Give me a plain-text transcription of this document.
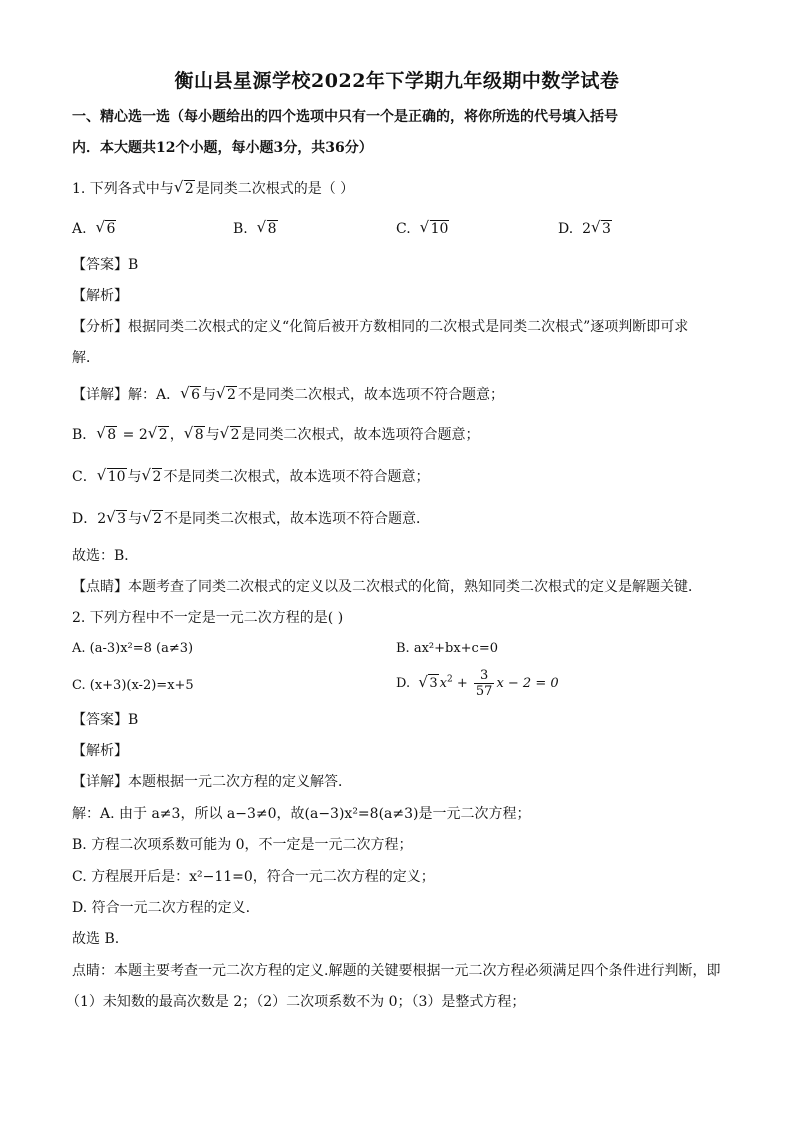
衡山县星源学校2022年下学期九年级期中数学试卷
一、精心选一选（每小题给出的四个选项中只有一个是正确的，将你所选的代号填入括号
内．本大题共12个小题，每小题3分，共36分）
1. 下列各式中与 √ 2 是同类二次根式的是（ ）
A. √ 6	B. √ 8	C. √ 10	D. 2 √ 3
【答案】B
【解析】
【分析】根据同类二次根式的定义“化简后被开方数相同的二次根式是同类二次根式”逐项判断即可求
解．
【详解】解：A． √ 6 与 √ 2 不是同类二次根式，故本选项不符合题意；
B． √ 8 = 2 √ 2 ， √ 8 与 √ 2 是同类二次根式，故本选项符合题意；
C． √ 10 与 √ 2 不是同类二次根式，故本选项不符合题意；
D．2 √ 3 与 √ 2 不是同类二次根式，故本选项不符合题意．
故选：B．
【点睛】本题考查了同类二次根式的定义以及二次根式的化简，熟知同类二次根式的定义是解题关键．
2. 下列方程中不一定是一元二次方程的是( )
A. (a-3)x²=8 (a≠3)	B. ax²+bx+c=0
C. (x+3)(x-2)=x+5	D. √ 3 $x^2 + \frac{3}{57}$ x − 2 = 0
【答案】B
【解析】
【详解】本题根据一元二次方程的定义解答．
解：A. 由于 a≠3，所以 a−3≠0，故(a−3)x²=8(a≠3)是一元二次方程；
B. 方程二次项系数可能为 0，不一定是一元二次方程；
C. 方程展开后是：x²−11=0，符合一元二次方程的定义；
D. 符合一元二次方程的定义.
故选 B.
点睛：本题主要考查一元二次方程的定义.解题的关键要根据一元二次方程必须满足四个条件进行判断，即
（1）未知数的最高次数是 2；（2）二次项系数不为 0；（3）是整式方程；
